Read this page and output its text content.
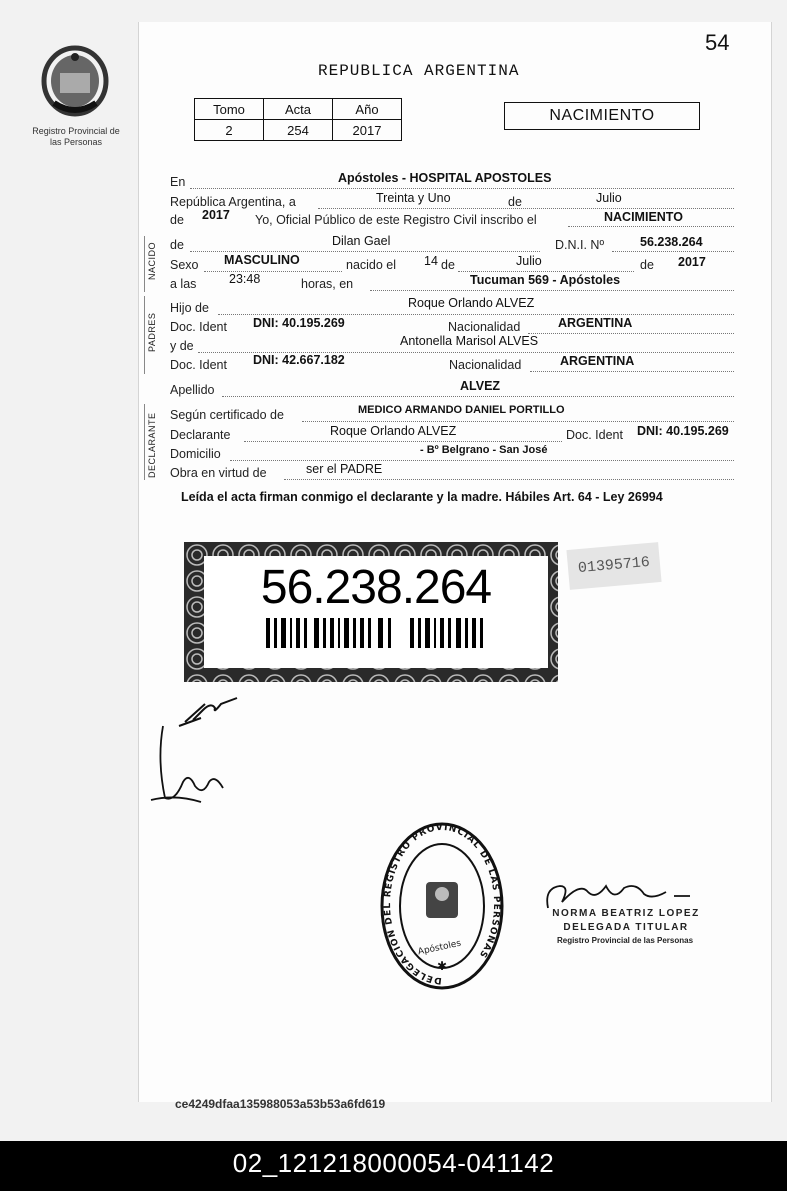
54
Registro Provincial de las Personas
REPUBLICA ARGENTINA
Tomo	Acta	Año
2	254	2017
NACIMIENTO
NACIDO
PADRES
DECLARANTE
En	Apóstoles - HOSPITAL APOSTOLES
República Argentina, a	Treinta y Uno	de	Julio
de 2017 Yo, Oficial Público de este Registro Civil inscribo el	NACIMIENTO
de	Dilan Gael	D.N.I. Nº	56.238.264
Sexo MASCULINO	nacido el 14 de	Julio	de 2017
a las	23:48	horas, en	Tucuman 569 - Apóstoles
Hijo de	Roque Orlando ALVEZ
Doc. Ident DNI: 40.195.269	Nacionalidad	ARGENTINA
y de	Antonella Marisol ALVES
Doc. Ident DNI: 42.667.182	Nacionalidad	ARGENTINA
Apellido	ALVEZ
Según certificado de	MEDICO ARMANDO DANIEL PORTILLO
Declarante	Roque Orlando ALVEZ	Doc. Ident DNI: 40.195.269
Domicilio	- Bº Belgrano - San José
Obra en virtud de	ser el PADRE
Leída el acta firman conmigo el declarante y la madre. Hábiles Art. 64 - Ley 26994
56.238.264	01395716
DELEGACION DEL REGISTRO PROVINCIAL DE LAS PERSONAS
Apóstoles
✱
NORMA BEATRIZ LOPEZ
DELEGADA TITULAR
Registro Provincial de las Personas
ce4249dfaa135988053a53b53a6fd619
02_121218000054-041142
